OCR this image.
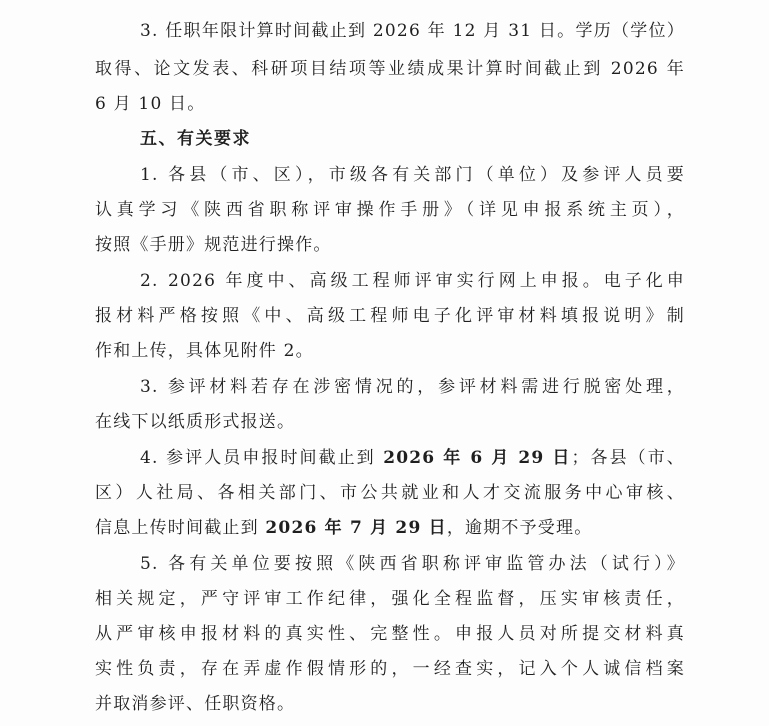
3. 任职年限计算时间截止到 2026 年 12 月 31 日。学历（学位）
取得、论文发表、科研项目结项等业绩成果计算时间截止到 2026 年
6 月 10 日。
五、有关要求
1. 各县（市、区），市级各有关部门（单位）及参评人员要
认真学习《陕西省职称评审操作手册》（详见申报系统主页），
按照《手册》规范进行操作。
2. 2026 年度中、高级工程师评审实行网上申报。电子化申
报材料严格按照《中、高级工程师电子化评审材料填报说明》制
作和上传，具体见附件 2。
3. 参评材料若存在涉密情况的，参评材料需进行脱密处理，
在线下以纸质形式报送。
4. 参评人员申报时间截止到 2026 年 6 月 29 日；各县（市、
区）人社局、各相关部门、市公共就业和人才交流服务中心审核、
信息上传时间截止到 2026 年 7 月 29 日，逾期不予受理。
5. 各有关单位要按照《陕西省职称评审监管办法（试行）》
相关规定，严守评审工作纪律，强化全程监督，压实审核责任，
从严审核申报材料的真实性、完整性。申报人员对所提交材料真
实性负责，存在弄虚作假情形的，一经查实，记入个人诚信档案
并取消参评、任职资格。
